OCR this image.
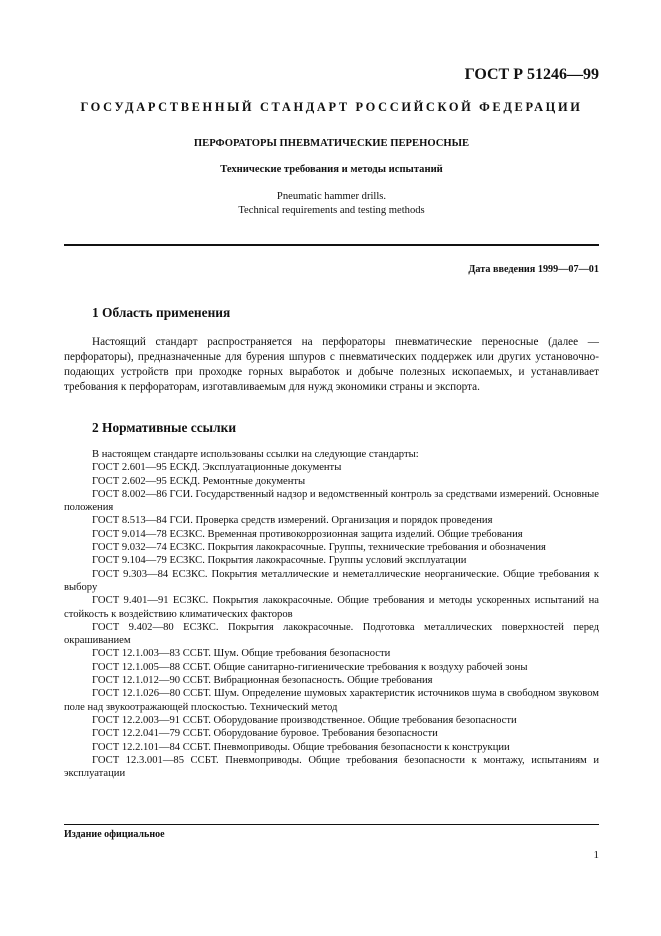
ГОСТ Р 51246—99
ГОСУДАРСТВЕННЫЙ СТАНДАРТ РОССИЙСКОЙ ФЕДЕРАЦИИ
ПЕРФОРАТОРЫ ПНЕВМАТИЧЕСКИЕ ПЕРЕНОСНЫЕ
Технические требования и методы испытаний
Pneumatic hammer drills.
Technical requirements and testing methods
Дата введения 1999—07—01
1 Область применения
Настоящий стандарт распространяется на перфораторы пневматические переносные (далее — перфораторы), предназначенные для бурения шпуров с пневматических поддержек или других установочно-подающих устройств при проходке горных выработок и добыче полезных ископаемых, и устанавливает требования к перфораторам, изготавливаемым для нужд экономики страны и экспорта.
2 Нормативные ссылки

В настоящем стандарте использованы ссылки на следующие стандарты:

ГОСТ 2.601—95 ЕСКД. Эксплуатационные документы

ГОСТ 2.602—95 ЕСКД. Ремонтные документы

ГОСТ 8.002—86 ГСИ. Государственный надзор и ведомственный контроль за средствами измерений. Основные положения

ГОСТ 8.513—84 ГСИ. Проверка средств измерений. Организация и порядок проведения

ГОСТ 9.014—78 ЕСЗКС. Временная противокоррозионная защита изделий. Общие требования

ГОСТ 9.032—74 ЕСЗКС. Покрытия лакокрасочные. Группы, технические требования и обозначения

ГОСТ 9.104—79 ЕСЗКС. Покрытия лакокрасочные. Группы условий эксплуатации

ГОСТ 9.303—84 ЕСЗКС. Покрытия металлические и неметаллические неорганические. Общие требования к выбору

ГОСТ 9.401—91 ЕСЗКС. Покрытия лакокрасочные. Общие требования и методы ускоренных испытаний на стойкость к воздействию климатических факторов

ГОСТ 9.402—80 ЕСЗКС. Покрытия лакокрасочные. Подготовка металлических поверхностей перед окрашиванием

ГОСТ 12.1.003—83 ССБТ. Шум. Общие требования безопасности

ГОСТ 12.1.005—88 ССБТ. Общие санитарно-гигиенические требования к воздуху рабочей зоны

ГОСТ 12.1.012—90 ССБТ. Вибрационная безопасность. Общие требования

ГОСТ 12.1.026—80 ССБТ. Шум. Определение шумовых характеристик источников шума в свободном звуковом поле над звукоотражающей плоскостью. Технический метод

ГОСТ 12.2.003—91 ССБТ. Оборудование производственное. Общие требования безопасности

ГОСТ 12.2.041—79 ССБТ. Оборудование буровое. Требования безопасности

ГОСТ 12.2.101—84 ССБТ. Пневмоприводы. Общие требования безопасности к конструкции

ГОСТ 12.3.001—85 ССБТ. Пневмоприводы. Общие требования безопасности к монтажу, испытаниям и эксплуатации

Издание официальное
1
